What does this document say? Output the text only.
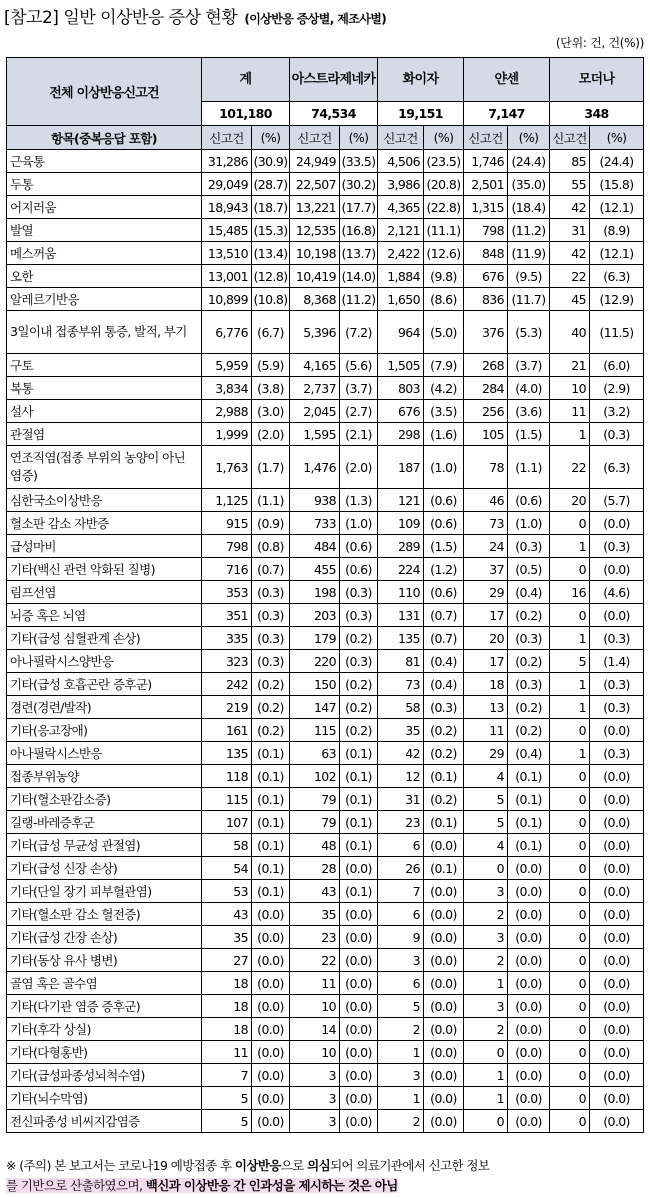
[참고2] 일반 이상반응 증상 현황 (이상반응 증상별, 제조사별)
(단위: 건, 건(%))
전체 이상반응신고건	계		아스트라제네카		화이자		얀센		모더나	
	101,180		74,534		19,151		7,147		348	
항목(중복응답 포함)	신고건	(%)	신고건	(%)	신고건	(%)	신고건	(%)	신고건	(%)
근육통	31,286	(30.9)	24,949	(33.5)	4,506	(23.5)	1,746	(24.4)	85	(24.4)
두통	29,049	(28.7)	22,507	(30.2)	3,986	(20.8)	2,501	(35.0)	55	(15.8)
어지러움	18,943	(18.7)	13,221	(17.7)	4,365	(22.8)	1,315	(18.4)	42	(12.1)
발열	15,485	(15.3)	12,535	(16.8)	2,121	(11.1)	798	(11.2)	31	(8.9)
메스꺼움	13,510	(13.4)	10,198	(13.7)	2,422	(12.6)	848	(11.9)	42	(12.1)
오한	13,001	(12.8)	10,419	(14.0)	1,884	(9.8)	676	(9.5)	22	(6.3)
알레르기반응	10,899	(10.8)	8,368	(11.2)	1,650	(8.6)	836	(11.7)	45	(12.9)
3일이내 접종부위 통증, 발적, 부기	6,776	(6.7)	5,396	(7.2)	964	(5.0)	376	(5.3)	40	(11.5)
구토	5,959	(5.9)	4,165	(5.6)	1,505	(7.9)	268	(3.7)	21	(6.0)
복통	3,834	(3.8)	2,737	(3.7)	803	(4.2)	284	(4.0)	10	(2.9)
설사	2,988	(3.0)	2,045	(2.7)	676	(3.5)	256	(3.6)	11	(3.2)
관절염	1,999	(2.0)	1,595	(2.1)	298	(1.6)	105	(1.5)	1	(0.3)
연조직염(접종 부위의 농양이 아닌 염증)	1,763	(1.7)	1,476	(2.0)	187	(1.0)	78	(1.1)	22	(6.3)
심한국소이상반응	1,125	(1.1)	938	(1.3)	121	(0.6)	46	(0.6)	20	(5.7)
혈소판 감소 자반증	915	(0.9)	733	(1.0)	109	(0.6)	73	(1.0)	0	(0.0)
급성마비	798	(0.8)	484	(0.6)	289	(1.5)	24	(0.3)	1	(0.3)
기타(백신 관련 악화된 질병)	716	(0.7)	455	(0.6)	224	(1.2)	37	(0.5)	0	(0.0)
림프선염	353	(0.3)	198	(0.3)	110	(0.6)	29	(0.4)	16	(4.6)
뇌증 혹은 뇌염	351	(0.3)	203	(0.3)	131	(0.7)	17	(0.2)	0	(0.0)
기타(급성 심혈관계 손상)	335	(0.3)	179	(0.2)	135	(0.7)	20	(0.3)	1	(0.3)
아나필락시스양반응	323	(0.3)	220	(0.3)	81	(0.4)	17	(0.2)	5	(1.4)
기타(급성 호흡곤란 증후군)	242	(0.2)	150	(0.2)	73	(0.4)	18	(0.3)	1	(0.3)
경련(경련/발작)	219	(0.2)	147	(0.2)	58	(0.3)	13	(0.2)	1	(0.3)
기타(응고장애)	161	(0.2)	115	(0.2)	35	(0.2)	11	(0.2)	0	(0.0)
아나필락시스반응	135	(0.1)	63	(0.1)	42	(0.2)	29	(0.4)	1	(0.3)
접종부위농양	118	(0.1)	102	(0.1)	12	(0.1)	4	(0.1)	0	(0.0)
기타(혈소판감소증)	115	(0.1)	79	(0.1)	31	(0.2)	5	(0.1)	0	(0.0)
길랭-바레증후군	107	(0.1)	79	(0.1)	23	(0.1)	5	(0.1)	0	(0.0)
기타(급성 무균성 관절염)	58	(0.1)	48	(0.1)	6	(0.0)	4	(0.1)	0	(0.0)
기타(급성 신장 손상)	54	(0.1)	28	(0.0)	26	(0.1)	0	(0.0)	0	(0.0)
기타(단일 장기 피부혈관염)	53	(0.1)	43	(0.1)	7	(0.0)	3	(0.0)	0	(0.0)
기타(혈소판 감소 혈전증)	43	(0.0)	35	(0.0)	6	(0.0)	2	(0.0)	0	(0.0)
기타(급성 간장 손상)	35	(0.0)	23	(0.0)	9	(0.0)	3	(0.0)	0	(0.0)
기타(동상 유사 병변)	27	(0.0)	22	(0.0)	3	(0.0)	2	(0.0)	0	(0.0)
골염 혹은 골수염	18	(0.0)	11	(0.0)	6	(0.0)	1	(0.0)	0	(0.0)
기타(다기관 염증 증후군)	18	(0.0)	10	(0.0)	5	(0.0)	3	(0.0)	0	(0.0)
기타(후각 상실)	18	(0.0)	14	(0.0)	2	(0.0)	2	(0.0)	0	(0.0)
기타(다형홍반)	11	(0.0)	10	(0.0)	1	(0.0)	0	(0.0)	0	(0.0)
기타(급성파종성뇌척수염)	7	(0.0)	3	(0.0)	3	(0.0)	1	(0.0)	0	(0.0)
기타(뇌수막염)	5	(0.0)	3	(0.0)	1	(0.0)	1	(0.0)	0	(0.0)
전신파종성 비씨지감염증	5	(0.0)	3	(0.0)	2	(0.0)	0	(0.0)	0	(0.0)
※ (주의) 본 보고서는 코로나19 예방접종 후 이상반응으로 의심되어 의료기관에서 신고한 정보
를 기반으로 산출하였으며, 백신과 이상반응 간 인과성을 제시하는 것은 아님
